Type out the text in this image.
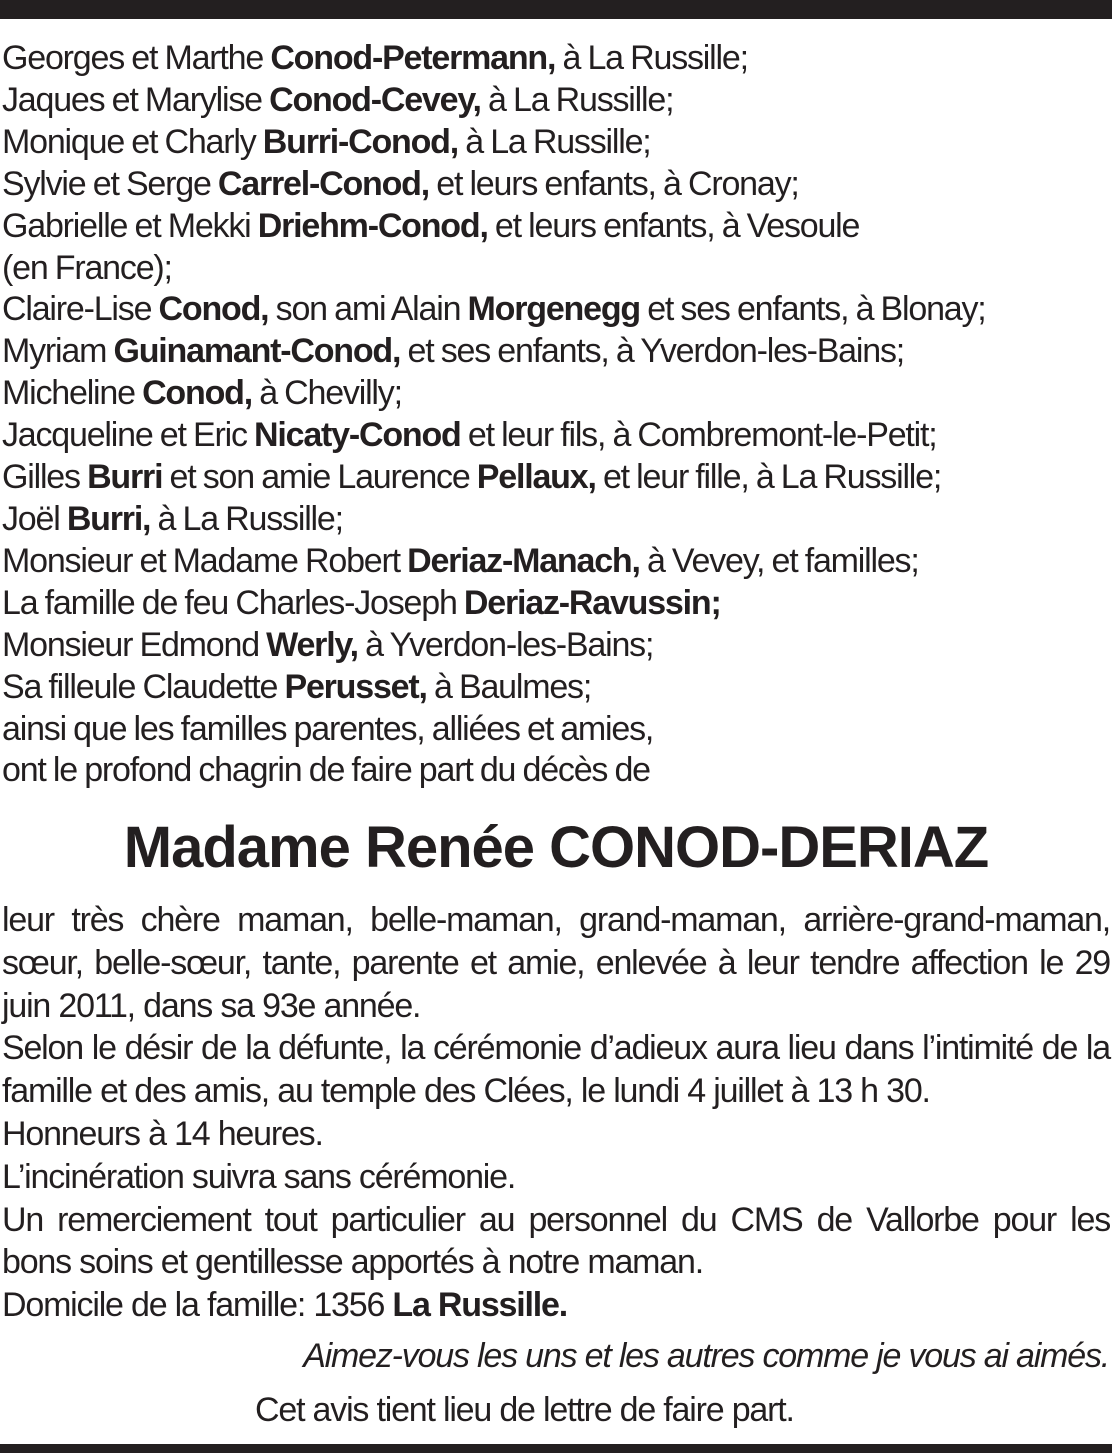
Georges et Marthe Conod-Petermann, à La Russille;
Jaques et Marylise Conod-Cevey, à La Russille;
Monique et Charly Burri-Conod, à La Russille;
Sylvie et Serge Carrel-Conod, et leurs enfants, à Cronay;
Gabrielle et Mekki Driehm-Conod, et leurs enfants, à Vesoule
(en France);
Claire-Lise Conod, son ami Alain Morgenegg et ses enfants, à Blonay;
Myriam Guinamant-Conod, et ses enfants, à Yverdon-les-Bains;
Micheline Conod, à Chevilly;
Jacqueline et Eric Nicaty-Conod et leur fils, à Combremont-le-Petit;
Gilles Burri et son amie Laurence Pellaux, et leur fille, à La Russille;
Joël Burri, à La Russille;
Monsieur et Madame Robert Deriaz-Manach, à Vevey, et familles;
La famille de feu Charles-Joseph Deriaz-Ravussin;
Monsieur Edmond Werly, à Yverdon-les-Bains;
Sa filleule Claudette Perusset, à Baulmes;
ainsi que les familles parentes, alliées et amies,
ont le profond chagrin de faire part du décès de
Madame Renée CONOD-DERIAZ
leur très chère maman, belle-maman, grand-maman, arrière-grand-maman, sœur, belle-sœur, tante, parente et amie, enlevée à leur tendre affection le 29 juin 2011, dans sa 93e année.
Selon le désir de la défunte, la cérémonie d’adieux aura lieu dans l’intimité de la famille et des amis, au temple des Clées, le lundi 4 juillet à 13 h 30.
Honneurs à 14 heures.
L’incinération suivra sans cérémonie.
Un remerciement tout particulier au personnel du CMS de Vallorbe pour les bons soins et gentillesse apportés à notre maman.
Domicile de la famille: 1356 La Russille.
Aimez-vous les uns et les autres comme je vous ai aimés.
Cet avis tient lieu de lettre de faire part.
